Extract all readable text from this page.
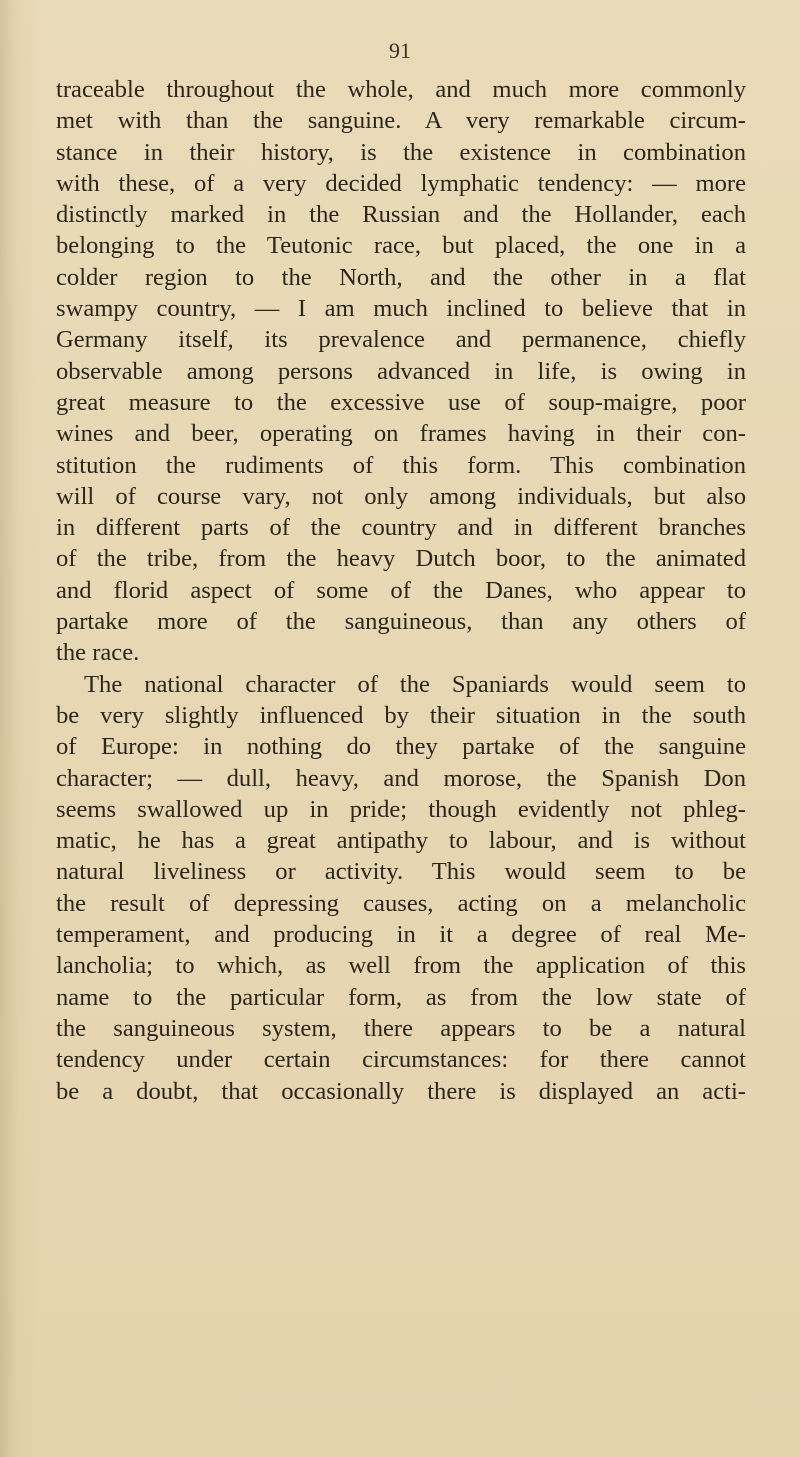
91
traceable throughout the whole, and much more commonly
met with than the sanguine. A very remarkable circum-
stance in their history, is the existence in combination
with these, of a very decided lymphatic tendency: — more
distinctly marked in the Russian and the Hollander, each
belonging to the Teutonic race, but placed, the one in a
colder region to the North, and the other in a flat
swampy country, — I am much inclined to believe that in
Germany itself, its prevalence and permanence, chiefly
observable among persons advanced in life, is owing in
great measure to the excessive use of soup-maigre, poor
wines and beer, operating on frames having in their con-
stitution the rudiments of this form. This combination
will of course vary, not only among individuals, but also
in different parts of the country and in different branches
of the tribe, from the heavy Dutch boor, to the animated
and florid aspect of some of the Danes, who appear to
partake more of the sanguineous, than any others of
the race.
The national character of the Spaniards would seem to
be very slightly influenced by their situation in the south
of Europe: in nothing do they partake of the sanguine
character; — dull, heavy, and morose, the Spanish Don
seems swallowed up in pride; though evidently not phleg-
matic, he has a great antipathy to labour, and is without
natural liveliness or activity. This would seem to be
the result of depressing causes, acting on a melancholic
temperament, and producing in it a degree of real Me-
lancholia; to which, as well from the application of this
name to the particular form, as from the low state of
the sanguineous system, there appears to be a natural
tendency under certain circumstances: for there cannot
be a doubt, that occasionally there is displayed an acti-
